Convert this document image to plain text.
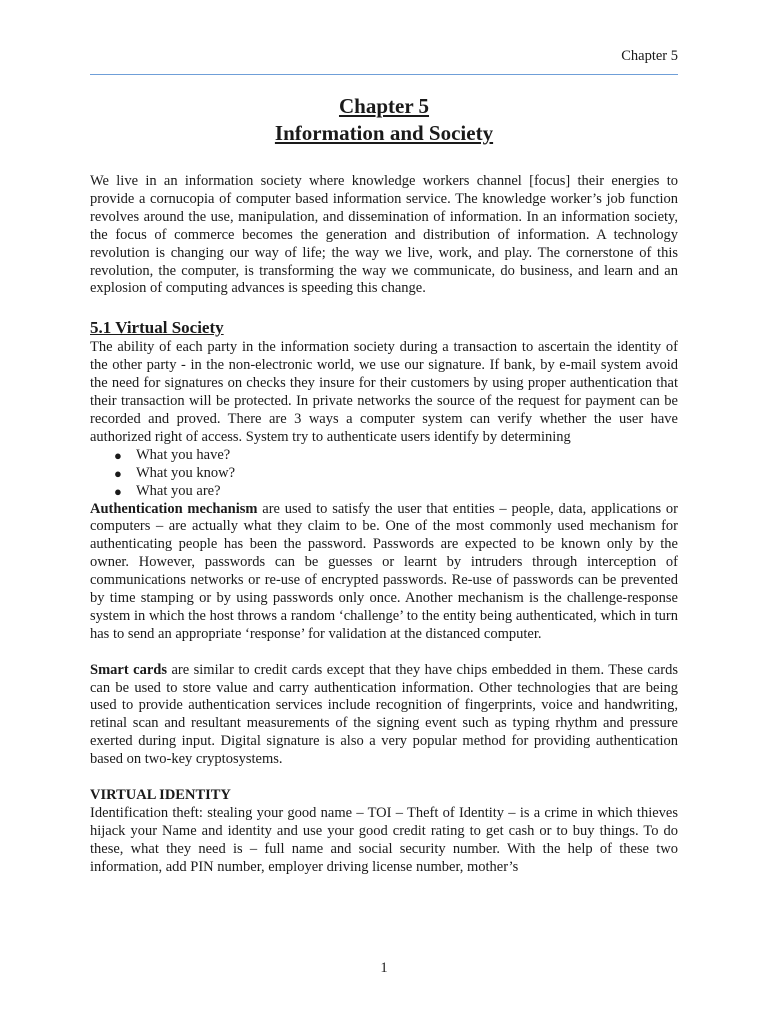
Chapter 5
Chapter 5
Information and Society

We live in an information society where knowledge workers channel [focus] their energies to provide a cornucopia of computer based information service. The knowledge worker’s job function revolves around the use, manipulation, and dissemination of information. In an information society, the focus of commerce becomes the generation and distribution of information. A technology revolution is changing our way of life; the way we live, work, and play. The cornerstone of this revolution, the computer, is transforming the way we communicate, do business, and learn and an explosion of computing advances is speeding this change.

5.1 Virtual Society

The ability of each party in the information society during a transaction to ascertain the identity of the other party - in the non-electronic world, we use our signature. If bank, by e-mail system avoid the need for signatures on checks they insure for their customers by using proper authentication that their transaction will be protected. In private networks the source of the request for payment can be recorded and proved. There are 3 ways a computer system can verify whether the user have authorized right of access. System try to authenticate users identify by determining

● What you have?
● What you know?
● What you are?

Authentication mechanism are used to satisfy the user that entities – people, data, applications or computers – are actually what they claim to be. One of the most commonly used mechanism for authenticating people has been the password. Passwords are expected to be known only by the owner. However, passwords can be guesses or learnt by intruders through interception of communications networks or re-use of encrypted passwords. Re-use of passwords can be prevented by time stamping or by using passwords only once. Another mechanism is the challenge-response system in which the host throws a random ‘challenge’ to the entity being authenticated, which in turn has to send an appropriate ‘response’ for validation at the distanced computer.

Smart cards are similar to credit cards except that they have chips embedded in them. These cards can be used to store value and carry authentication information. Other technologies that are being used to provide authentication services include recognition of fingerprints, voice and handwriting, retinal scan and resultant measurements of the signing event such as typing rhythm and pressure exerted during input. Digital signature is also a very popular method for providing authentication based on two-key cryptosystems.

VIRTUAL IDENTITY

Identification theft: stealing your good name – TOI – Theft of Identity – is a crime in which thieves hijack your Name and identity and use your good credit rating to get cash or to buy things. To do these, what they need is – full name and social security number. With the help of these two information, add PIN number, employer driving license number, mother’s

1
